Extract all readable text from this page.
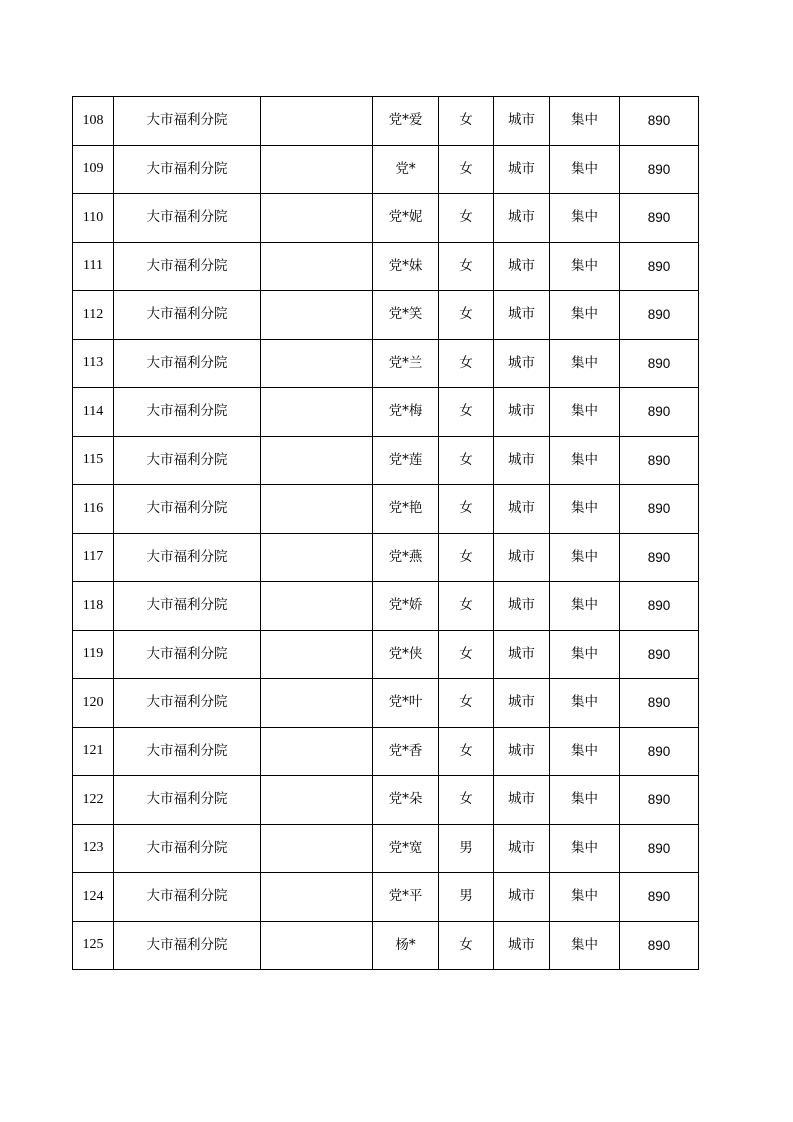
108	大市福利分院		党*爱	女	城市	集中	890
109	大市福利分院		党*	女	城市	集中	890
110	大市福利分院		党*妮	女	城市	集中	890
111	大市福利分院		党*妹	女	城市	集中	890
112	大市福利分院		党*笑	女	城市	集中	890
113	大市福利分院		党*兰	女	城市	集中	890
114	大市福利分院		党*梅	女	城市	集中	890
115	大市福利分院		党*莲	女	城市	集中	890
116	大市福利分院		党*艳	女	城市	集中	890
117	大市福利分院		党*燕	女	城市	集中	890
118	大市福利分院		党*娇	女	城市	集中	890
119	大市福利分院		党*侠	女	城市	集中	890
120	大市福利分院		党*叶	女	城市	集中	890
121	大市福利分院		党*香	女	城市	集中	890
122	大市福利分院		党*朵	女	城市	集中	890
123	大市福利分院		党*宽	男	城市	集中	890
124	大市福利分院		党*平	男	城市	集中	890
125	大市福利分院		杨*	女	城市	集中	890
